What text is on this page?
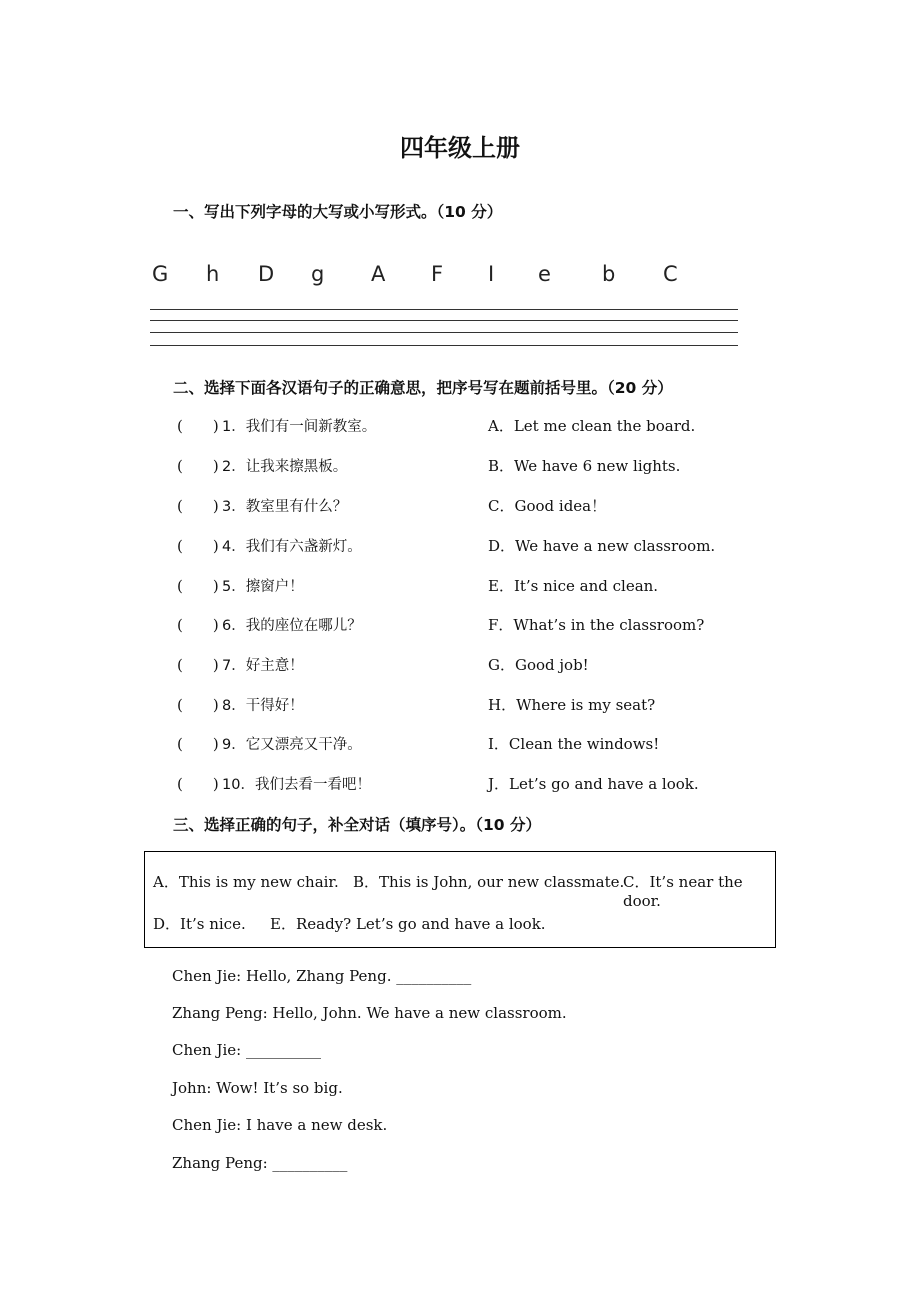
四年级上册
一、写出下列字母的大写或小写形式。（10 分）
G h D g A F I e b C
二、选择下面各汉语句子的正确意思，把序号写在题前括号里。（20 分）
(　　) 1．我们有一间新教室。	A．Let me clean the board.
(　　) 2．让我来擦黑板。	B．We have 6 new lights.
(　　) 3．教室里有什么？	C．Good idea！
(　　) 4．我们有六盏新灯。	D．We have a new classroom.
(　　) 5．擦窗户！	E．It’s nice and clean.
(　　) 6．我的座位在哪儿？	F．What’s in the classroom?
(　　) 7．好主意！	G．Good job!
(　　) 8．干得好！	H．Where is my seat?
(　　) 9．它又漂亮又干净。	I．Clean the windows!
(　　) 10．我们去看一看吧！	J．Let’s go and have a look.
三、选择正确的句子，补全对话（填序号）。（10 分）
A．This is my new chair. B．This is John, our new classmate.
C．It’s near the door.
D．It’s nice. E．Ready? Let’s go and have a look.
Chen Jie: Hello, Zhang Peng. __________
Zhang Peng: Hello, John. We have a new classroom.
Chen Jie: __________
John: Wow! It’s so big.
Chen Jie: I have a new desk.
Zhang Peng: __________
